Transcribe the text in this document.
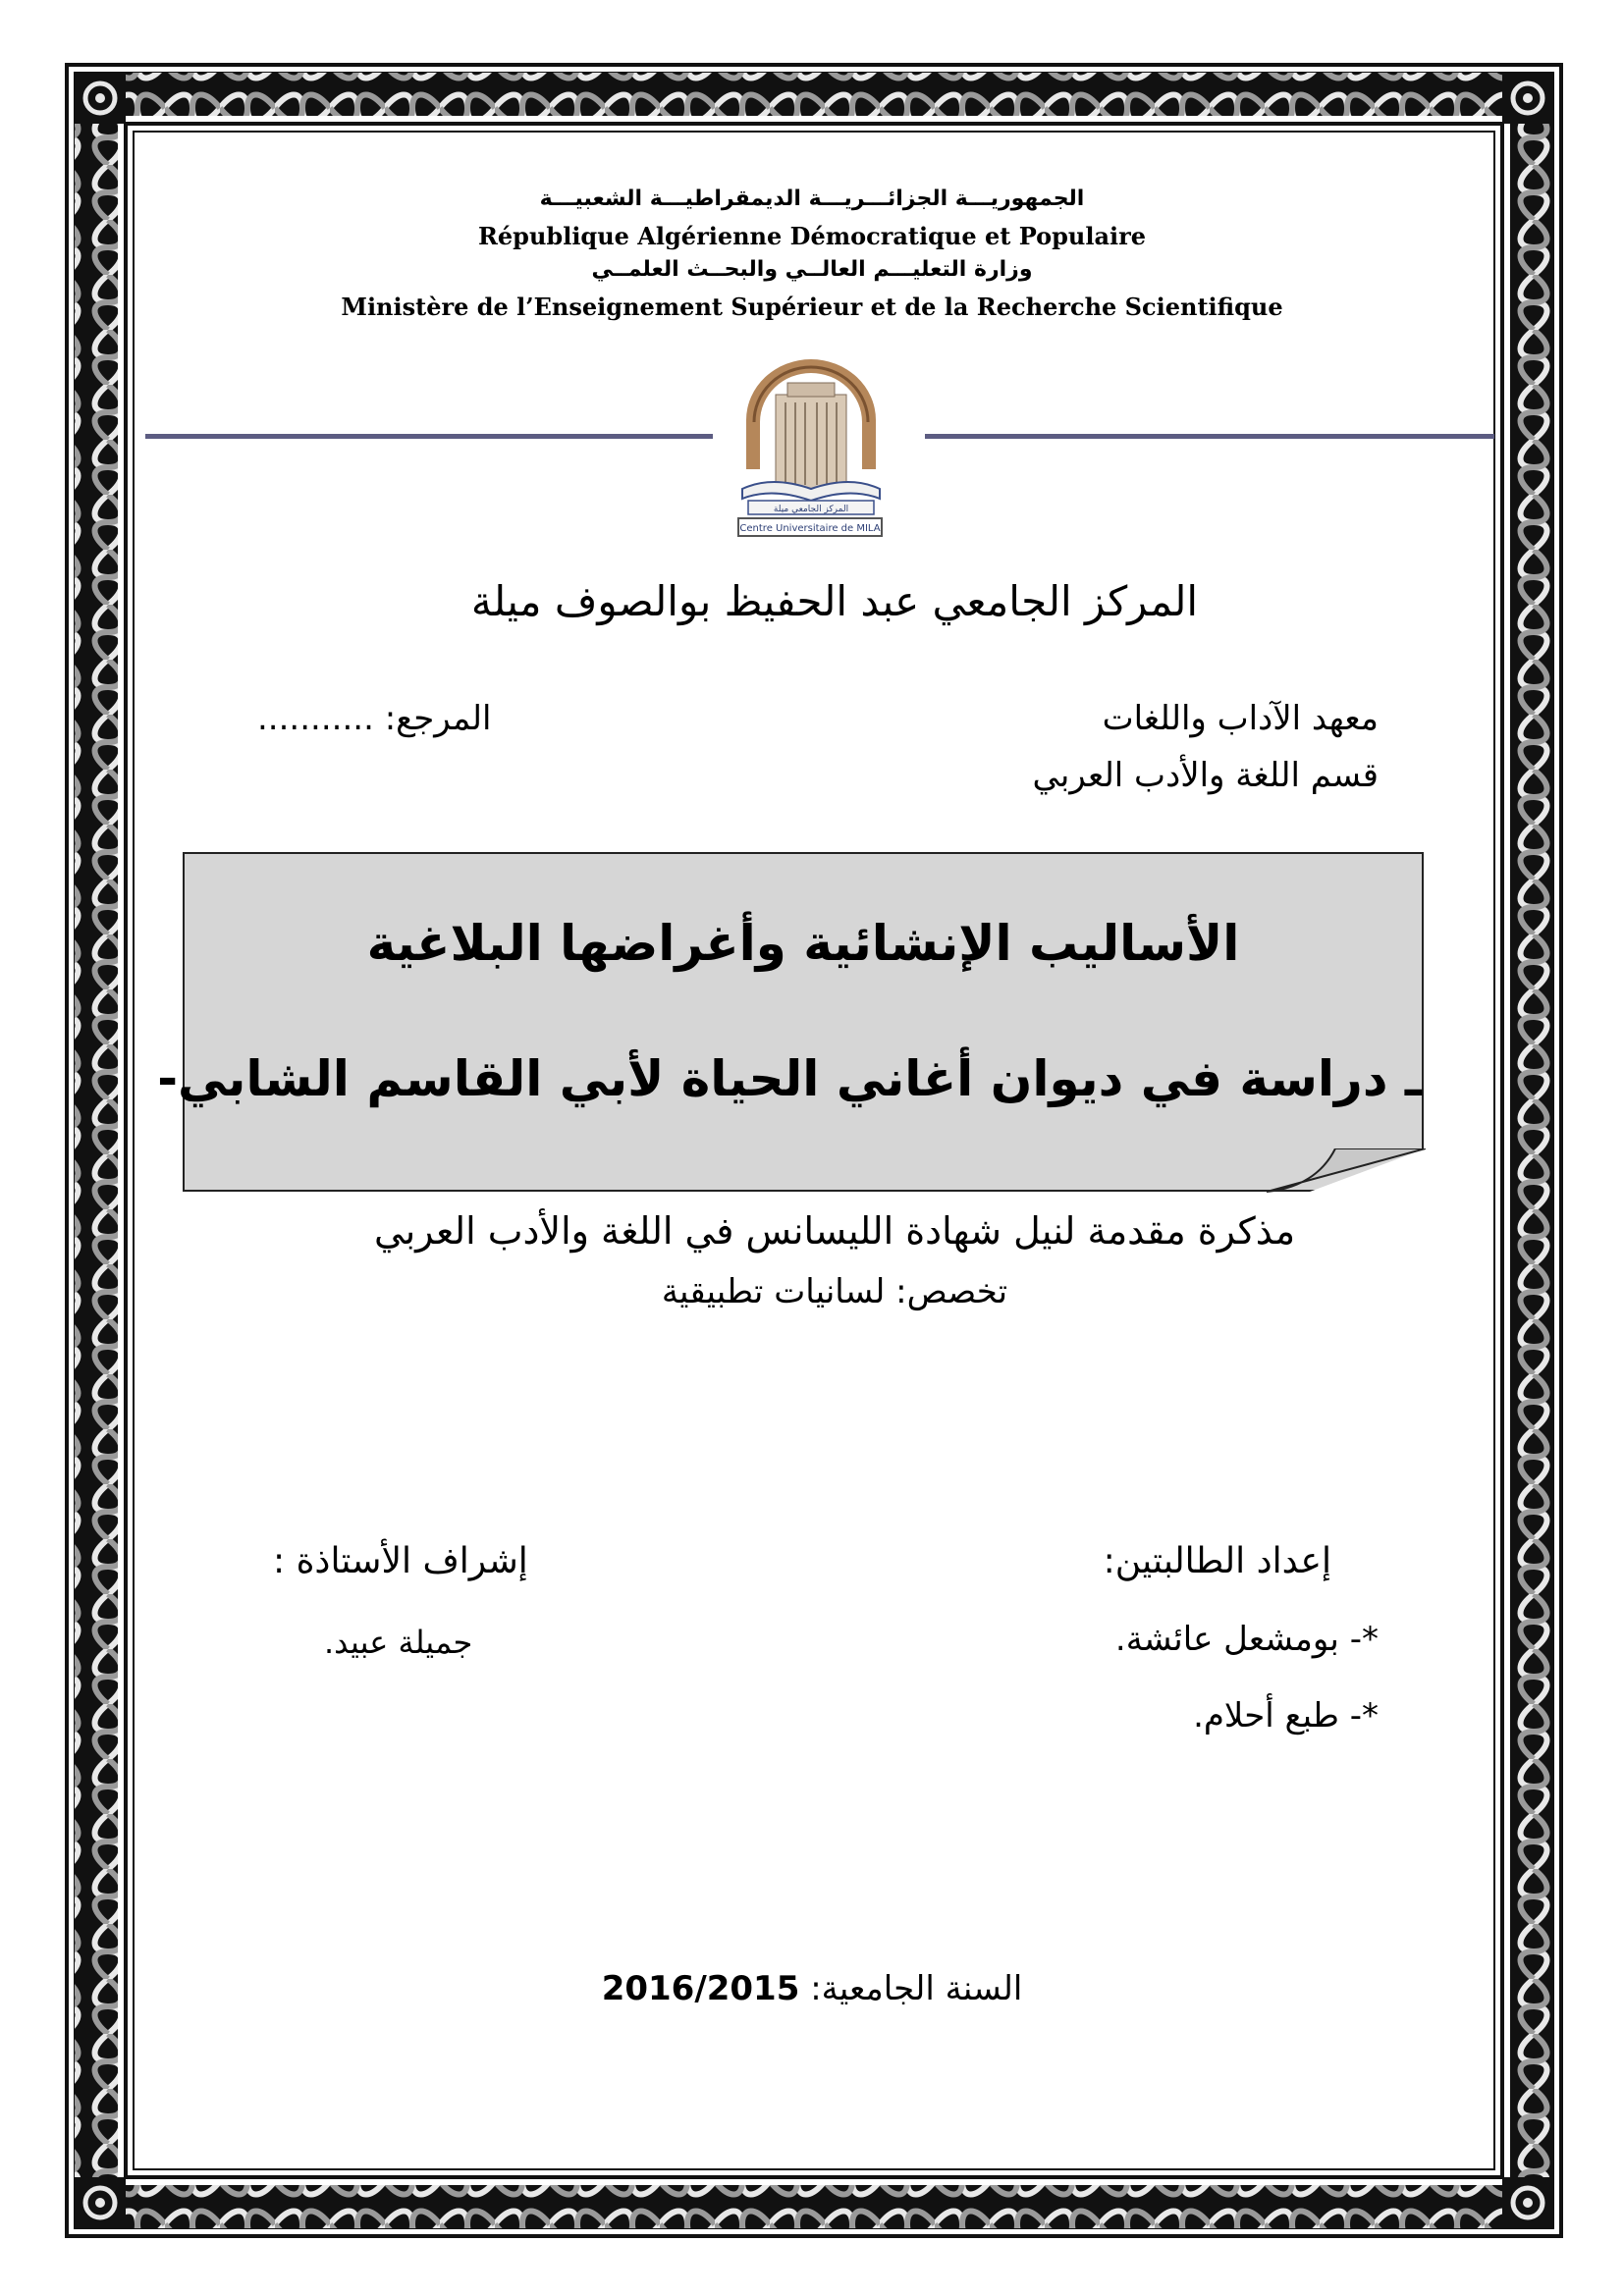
الجمهوريـــة الجزائـــريـــة الديمقراطيـــة الشعبيـــة
République Algérienne Démocratique et Populaire
وزارة التعليـــم العالــي والبحــث العلمــي
Ministère de l’Enseignement Supérieur et de la Recherche Scientifique
المركز الجامعي ميلة
Centre Universitaire de MILA
المركز الجامعي عبد الحفيظ بوالصوف ميلة
معهد الآداب واللغات
قسم اللغة والأدب العربي
المرجع: ...........
الأساليب الإنشائية وأغراضها البلاغية
ـ دراسة في ديوان أغاني الحياة لأبي القاسم الشابي-
مذكرة مقدمة لنيل شهادة الليسانس في اللغة والأدب العربي
تخصص: لسانيات تطبيقية
إعداد الطالبتين:
*- بومشعل عائشة.
*- طبع أحلام.
إشراف الأستاذة :
جميلة عبيد.
السنة الجامعية: 2016/2015
